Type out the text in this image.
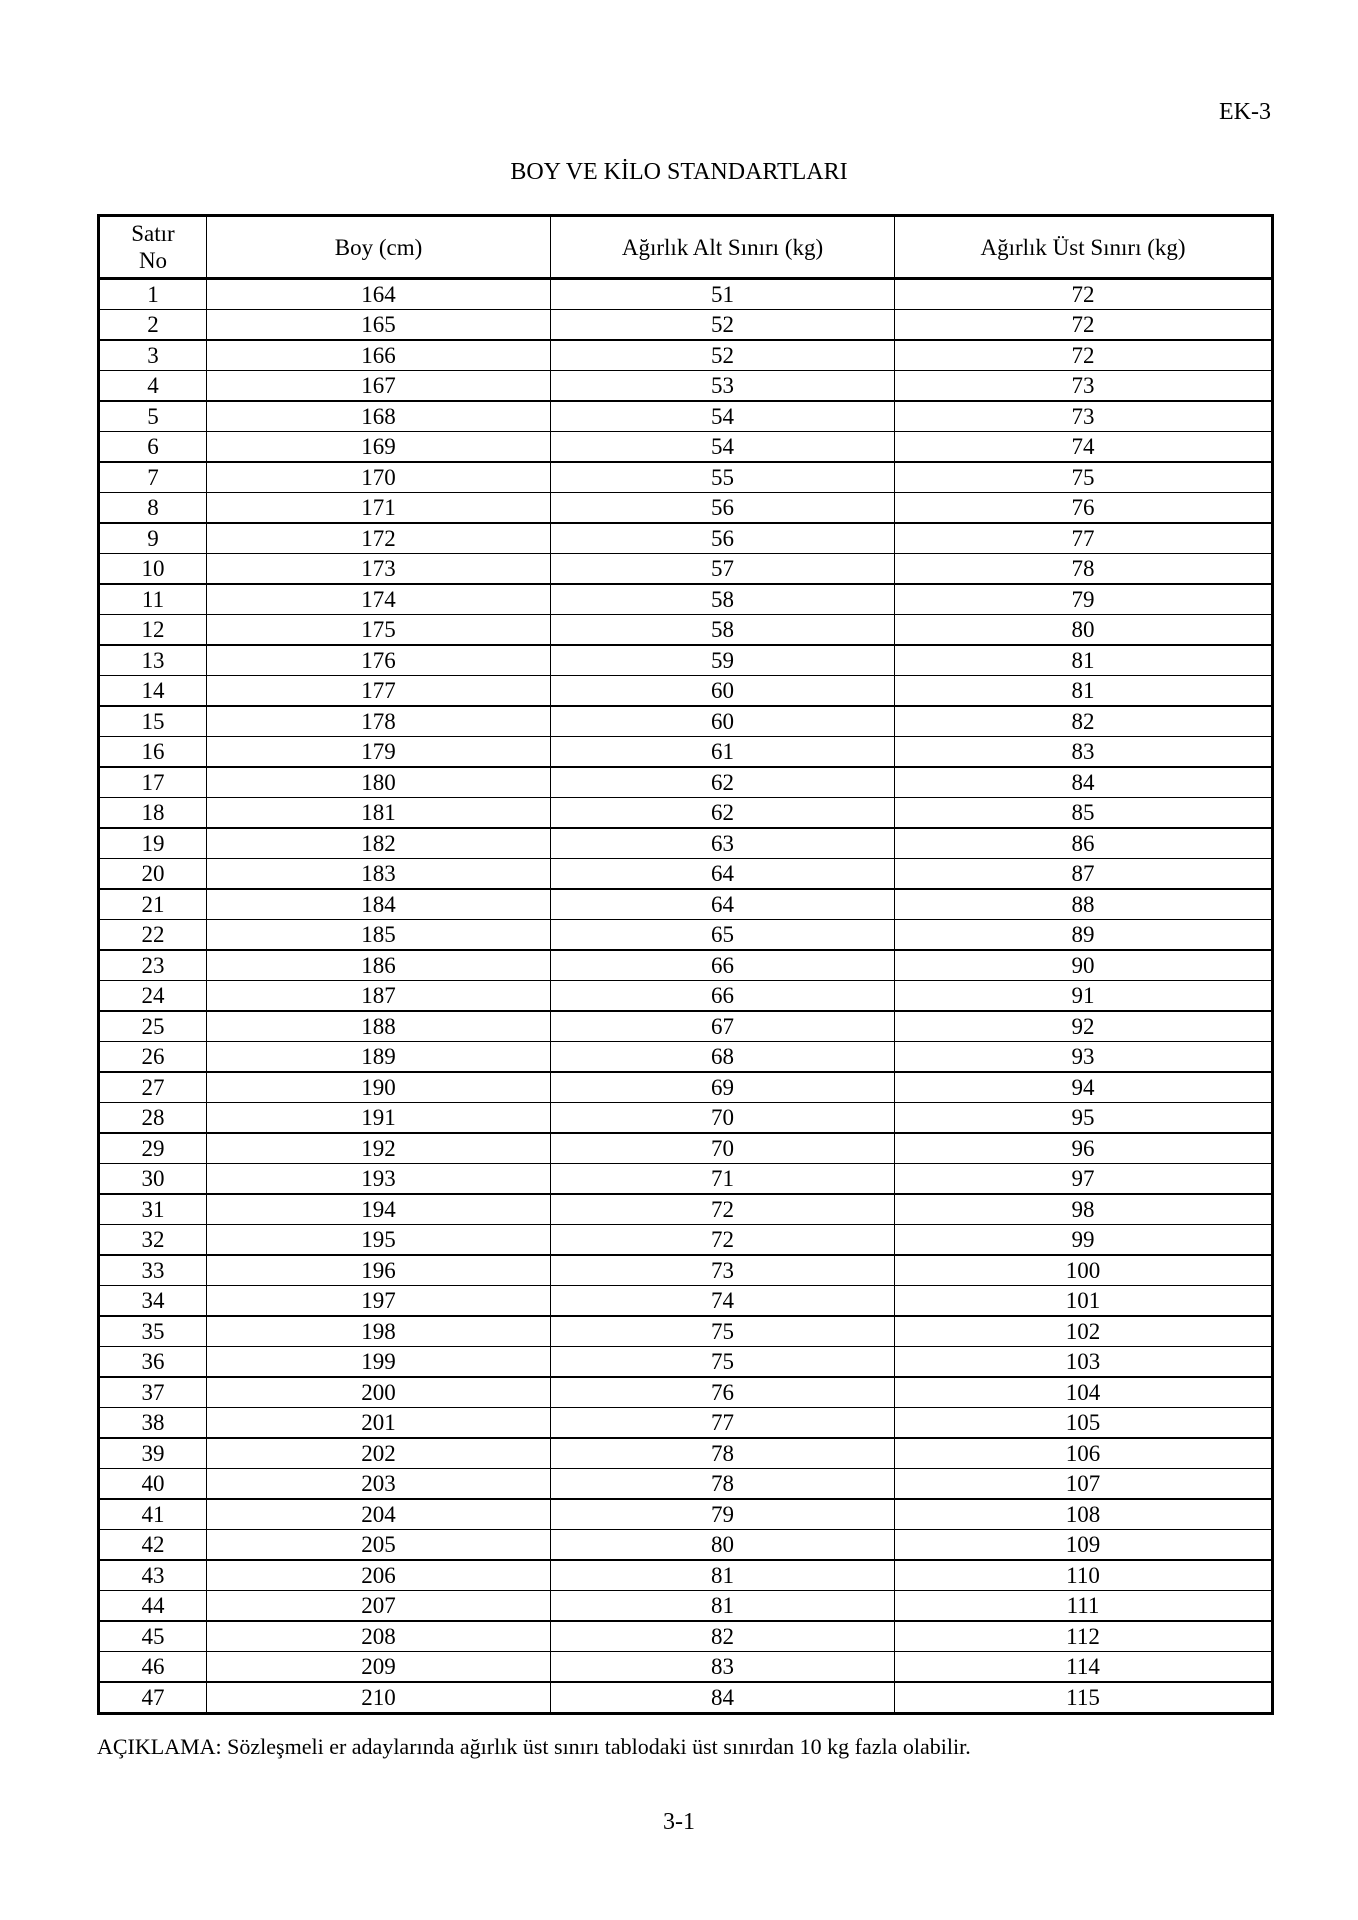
EK-3
BOY VE KİLO STANDARTLARI
Satır
No	Boy (cm)	Ağırlık Alt Sınırı (kg)	Ağırlık Üst Sınırı (kg)
1	164	51	72
2	165	52	72
3	166	52	72
4	167	53	73
5	168	54	73
6	169	54	74
7	170	55	75
8	171	56	76
9	172	56	77
10	173	57	78
11	174	58	79
12	175	58	80
13	176	59	81
14	177	60	81
15	178	60	82
16	179	61	83
17	180	62	84
18	181	62	85
19	182	63	86
20	183	64	87
21	184	64	88
22	185	65	89
23	186	66	90
24	187	66	91
25	188	67	92
26	189	68	93
27	190	69	94
28	191	70	95
29	192	70	96
30	193	71	97
31	194	72	98
32	195	72	99
33	196	73	100
34	197	74	101
35	198	75	102
36	199	75	103
37	200	76	104
38	201	77	105
39	202	78	106
40	203	78	107
41	204	79	108
42	205	80	109
43	206	81	110
44	207	81	111
45	208	82	112
46	209	83	114
47	210	84	115
AÇIKLAMA: Sözleşmeli er adaylarında ağırlık üst sınırı tablodaki üst sınırdan 10 kg fazla olabilir.
3-1
